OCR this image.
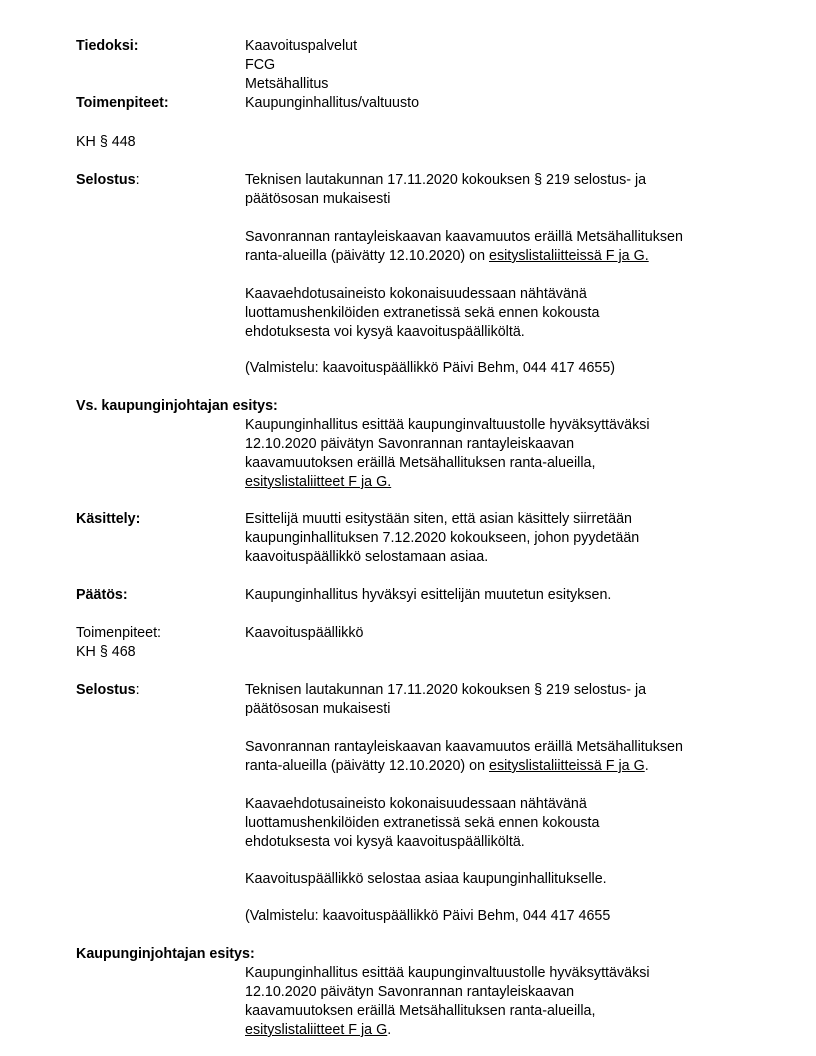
Tiedoksi:	Kaavoituspalvelut
FCG
Metsähallitus
Toimenpiteet:	Kaupunginhallitus/valtuusto
KH § 448
Selostus:	Teknisen lautakunnan 17.11.2020 kokouksen § 219 selostus- ja
päätösosan mukaisesti
Savonrannan rantayleiskaavan kaavamuutos eräillä Metsähallituksen
ranta-alueilla (päivätty 12.10.2020) on esityslistaliitteissä F ja G.
Kaavaehdotusaineisto kokonaisuudessaan nähtävänä
luottamushenkilöiden extranetissä sekä ennen kokousta
ehdotuksesta voi kysyä kaavoituspäälliköltä.
(Valmistelu: kaavoituspäällikkö Päivi Behm, 044 417 4655)
Vs. kaupunginjohtajan esitys:
Kaupunginhallitus esittää kaupunginvaltuustolle hyväksyttäväksi
12.10.2020 päivätyn Savonrannan rantayleiskaavan
kaavamuutoksen eräillä Metsähallituksen ranta-alueilla,
esityslistaliitteet F ja G.
Käsittely:	Esittelijä muutti esitystään siten, että asian käsittely siirretään
kaupunginhallituksen 7.12.2020 kokoukseen, johon pyydetään
kaavoituspäällikkö selostamaan asiaa.
Päätös:	Kaupunginhallitus hyväksyi esittelijän muutetun esityksen.
Toimenpiteet:	Kaavoituspäällikkö
KH § 468
Selostus:	Teknisen lautakunnan 17.11.2020 kokouksen § 219 selostus- ja
päätösosan mukaisesti
Savonrannan rantayleiskaavan kaavamuutos eräillä Metsähallituksen
ranta-alueilla (päivätty 12.10.2020) on esityslistaliitteissä F ja G.
Kaavaehdotusaineisto kokonaisuudessaan nähtävänä
luottamushenkilöiden extranetissä sekä ennen kokousta
ehdotuksesta voi kysyä kaavoituspäälliköltä.
Kaavoituspäällikkö selostaa asiaa kaupunginhallitukselle.
(Valmistelu: kaavoituspäällikkö Päivi Behm, 044 417 4655
Kaupunginjohtajan esitys:
Kaupunginhallitus esittää kaupunginvaltuustolle hyväksyttäväksi
12.10.2020 päivätyn Savonrannan rantayleiskaavan
kaavamuutoksen eräillä Metsähallituksen ranta-alueilla,
esityslistaliitteet F ja G.
